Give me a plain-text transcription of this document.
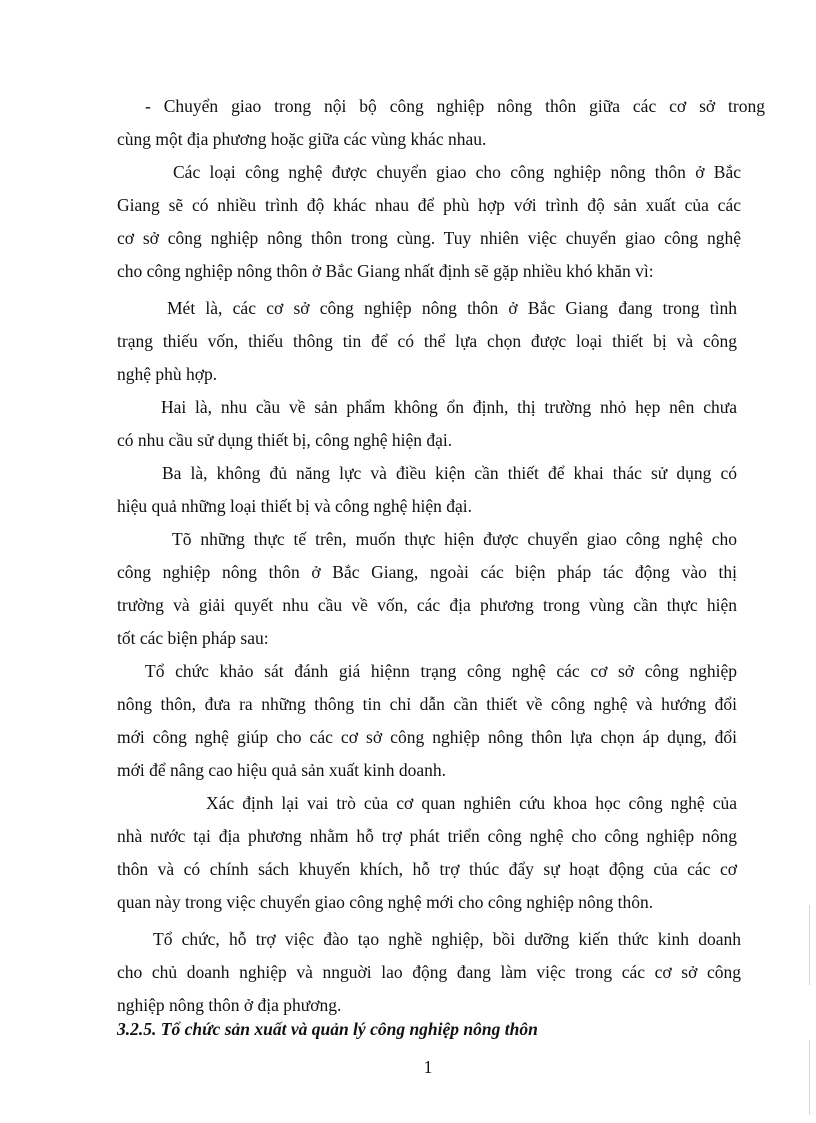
- Chuyển giao trong nội bộ công nghiệp nông thôn giữa các cơ sở trong
cùng một địa phương hoặc giữa các vùng khác nhau.
Các loại công nghệ được chuyển giao cho công nghiệp nông thôn ở Bắc
Giang sẽ có nhiều trình độ khác nhau để phù hợp với trình độ sản xuất của các
cơ sở công nghiệp nông thôn trong cùng. Tuy nhiên việc chuyển giao công nghệ
cho công nghiệp nông thôn ở Bắc Giang nhất định sẽ gặp nhiều khó khăn vì:
Mét là, các cơ sở công nghiệp nông thôn ở Bắc Giang đang trong tình
trạng thiếu vốn, thiếu thông tin để có thể lựa chọn được loại thiết bị và công
nghệ phù hợp.
Hai là, nhu cầu về sản phẩm không ổn định, thị trường nhỏ hẹp nên chưa
có nhu cầu sử dụng thiết bị, công nghệ hiện đại.
Ba là, không đủ năng lực và điều kiện cần thiết để khai thác sử dụng có
hiệu quả những loại thiết bị và công nghệ hiện đại.
Tõ những thực tế trên, muốn thực hiện được chuyển giao công nghệ cho
công nghiệp nông thôn ở Bắc Giang, ngoài các biện pháp tác động vào thị
trường và giải quyết nhu cầu về vốn, các địa phương trong vùng cần thực hiện
tốt các biện pháp sau:
Tổ chức khảo sát đánh giá hiệnn trạng công nghệ các cơ sở công nghiệp
nông thôn, đưa ra những thông tin chỉ dẫn cần thiết về công nghệ và hướng đổi
mới công nghệ giúp cho các cơ sở công nghiệp nông thôn lựa chọn áp dụng, đổi
mới để nâng cao hiệu quả sản xuất kinh doanh.
Xác định lại vai trò của cơ quan nghiên cứu khoa học công nghệ của
nhà nước tại địa phương nhằm hỗ trợ phát triển công nghệ cho công nghiệp nông
thôn và có chính sách khuyến khích, hỗ trợ thúc đẩy sự hoạt động của các cơ
quan này trong việc chuyển giao công nghệ mới cho công nghiệp nông thôn.
Tổ chức, hỗ trợ việc đào tạo nghề nghiệp, bồi dưỡng kiến thức kinh doanh
cho chủ doanh nghiệp và nnguời lao động đang làm việc trong các cơ sở công
nghiệp nông thôn ở địa phương.
3.2.5. Tổ chức sản xuất và quản lý công nghiệp nông thôn
1
